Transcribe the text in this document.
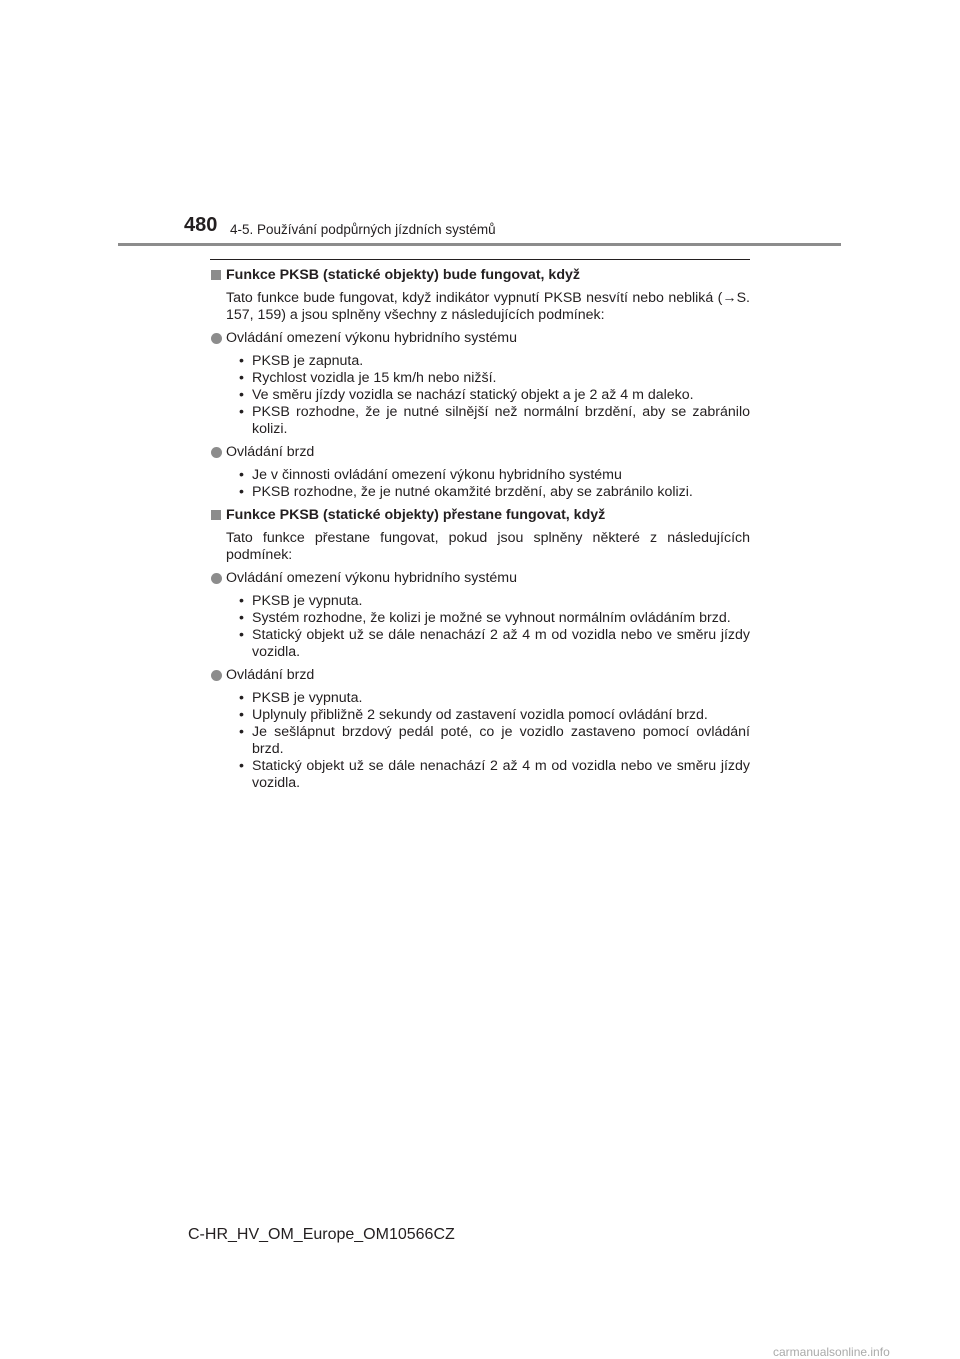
480 4-5. Používání podpůrných jízdních systémů
Funkce PKSB (statické objekty) bude fungovat, když

Tato funkce bude fungovat, když indikátor vypnutí PKSB nesvítí nebo nebliká (→S. 157, 159) a jsou splněny všechny z následujících podmínek:

Ovládání omezení výkonu hybridního systému
• PKSB je zapnuta.
• Rychlost vozidla je 15 km/h nebo nižší.
• Ve směru jízdy vozidla se nachází statický objekt a je 2 až 4 m daleko.
• PKSB rozhodne, že je nutné silnější než normální brzdění, aby se zabránilo kolizi.
Ovládání brzd
• Je v činnosti ovládání omezení výkonu hybridního systému
• PKSB rozhodne, že je nutné okamžité brzdění, aby se zabránilo kolizi.
Funkce PKSB (statické objekty) přestane fungovat, když

Tato funkce přestane fungovat, pokud jsou splněny některé z následujících podmínek:

Ovládání omezení výkonu hybridního systému
• PKSB je vypnuta.
• Systém rozhodne, že kolizi je možné se vyhnout normálním ovládáním brzd.
• Statický objekt už se dále nenachází 2 až 4 m od vozidla nebo ve směru jízdy vozidla.
Ovládání brzd
• PKSB je vypnuta.
• Uplynuly přibližně 2 sekundy od zastavení vozidla pomocí ovládání brzd.
• Je sešlápnut brzdový pedál poté, co je vozidlo zastaveno pomocí ovládání brzd.
• Statický objekt už se dále nenachází 2 až 4 m od vozidla nebo ve směru jízdy vozidla.
C-HR_HV_OM_Europe_OM10566CZ
carmanualsonline.info
